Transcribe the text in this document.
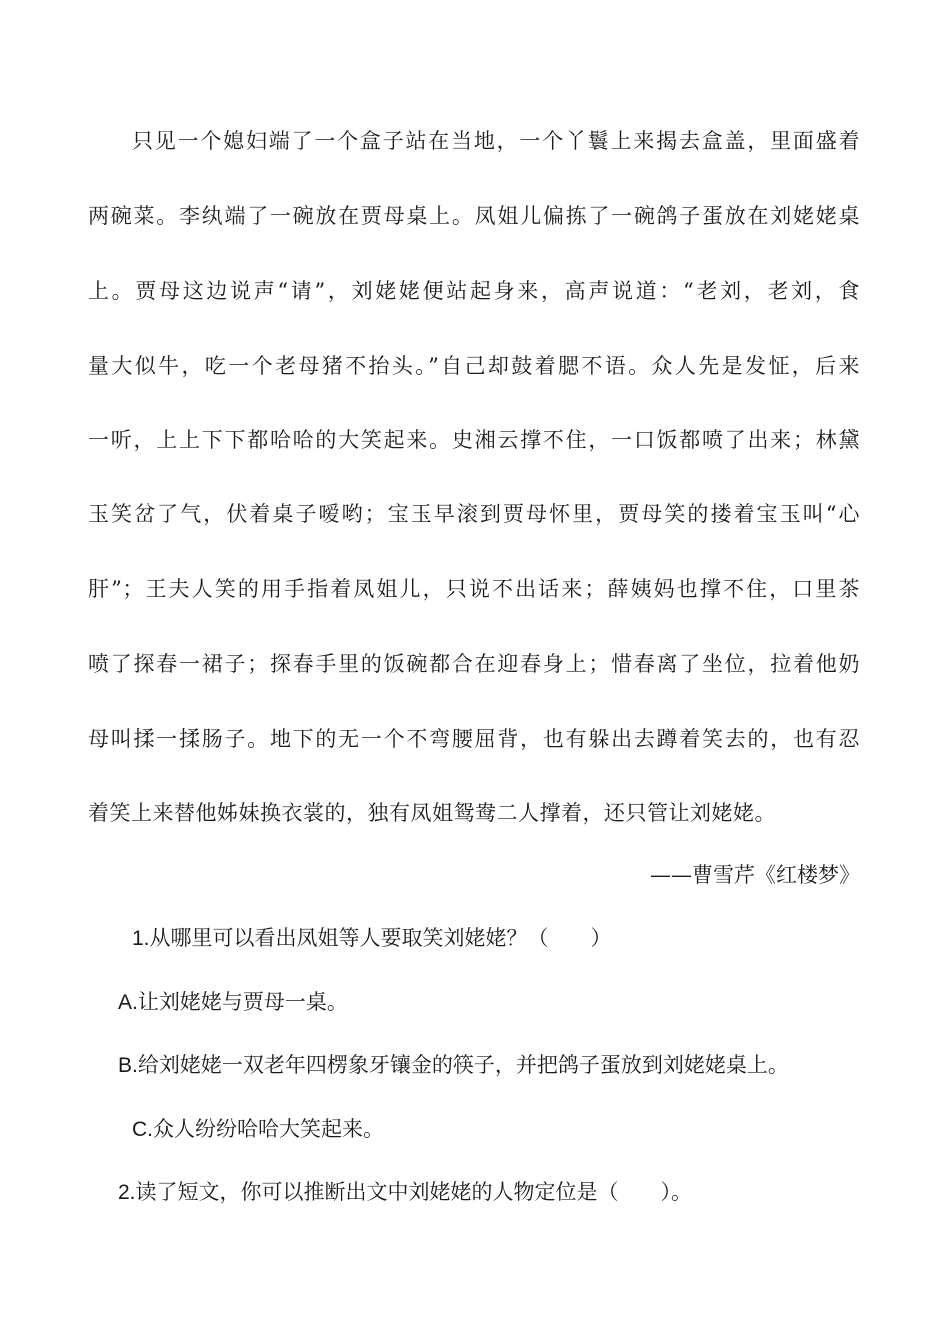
只见一个媳妇端了一个盒子站在当地，一个丫鬟上来揭去盒盖，里面盛着
两碗菜。李纨端了一碗放在贾母桌上。凤姐儿偏拣了一碗鸽子蛋放在刘姥姥桌
上。贾母这边说声“请”，刘姥姥便站起身来，高声说道：“老刘，老刘，食
量大似牛，吃一个老母猪不抬头。”自己却鼓着腮不语。众人先是发怔，后来
一听，上上下下都哈哈的大笑起来。史湘云撑不住，一口饭都喷了出来；林黛
玉笑岔了气，伏着桌子嗳哟；宝玉早滚到贾母怀里，贾母笑的搂着宝玉叫“心
肝”；王夫人笑的用手指着凤姐儿，只说不出话来；薛姨妈也撑不住，口里茶
喷了探春一裙子；探春手里的饭碗都合在迎春身上；惜春离了坐位，拉着他奶
母叫揉一揉肠子。地下的无一个不弯腰屈背，也有躲出去蹲着笑去的，也有忍
着笑上来替他姊妹换衣裳的，独有凤姐鸳鸯二人撑着，还只管让刘姥姥。
——曹雪芹《红楼梦》
1.从哪里可以看出凤姐等人要取笑刘姥姥？（　　）
A.让刘姥姥与贾母一桌。
B.给刘姥姥一双老年四楞象牙镶金的筷子，并把鸽子蛋放到刘姥姥桌上。
C.众人纷纷哈哈大笑起来。
2.读了短文，你可以推断出文中刘姥姥的人物定位是（　　）。
